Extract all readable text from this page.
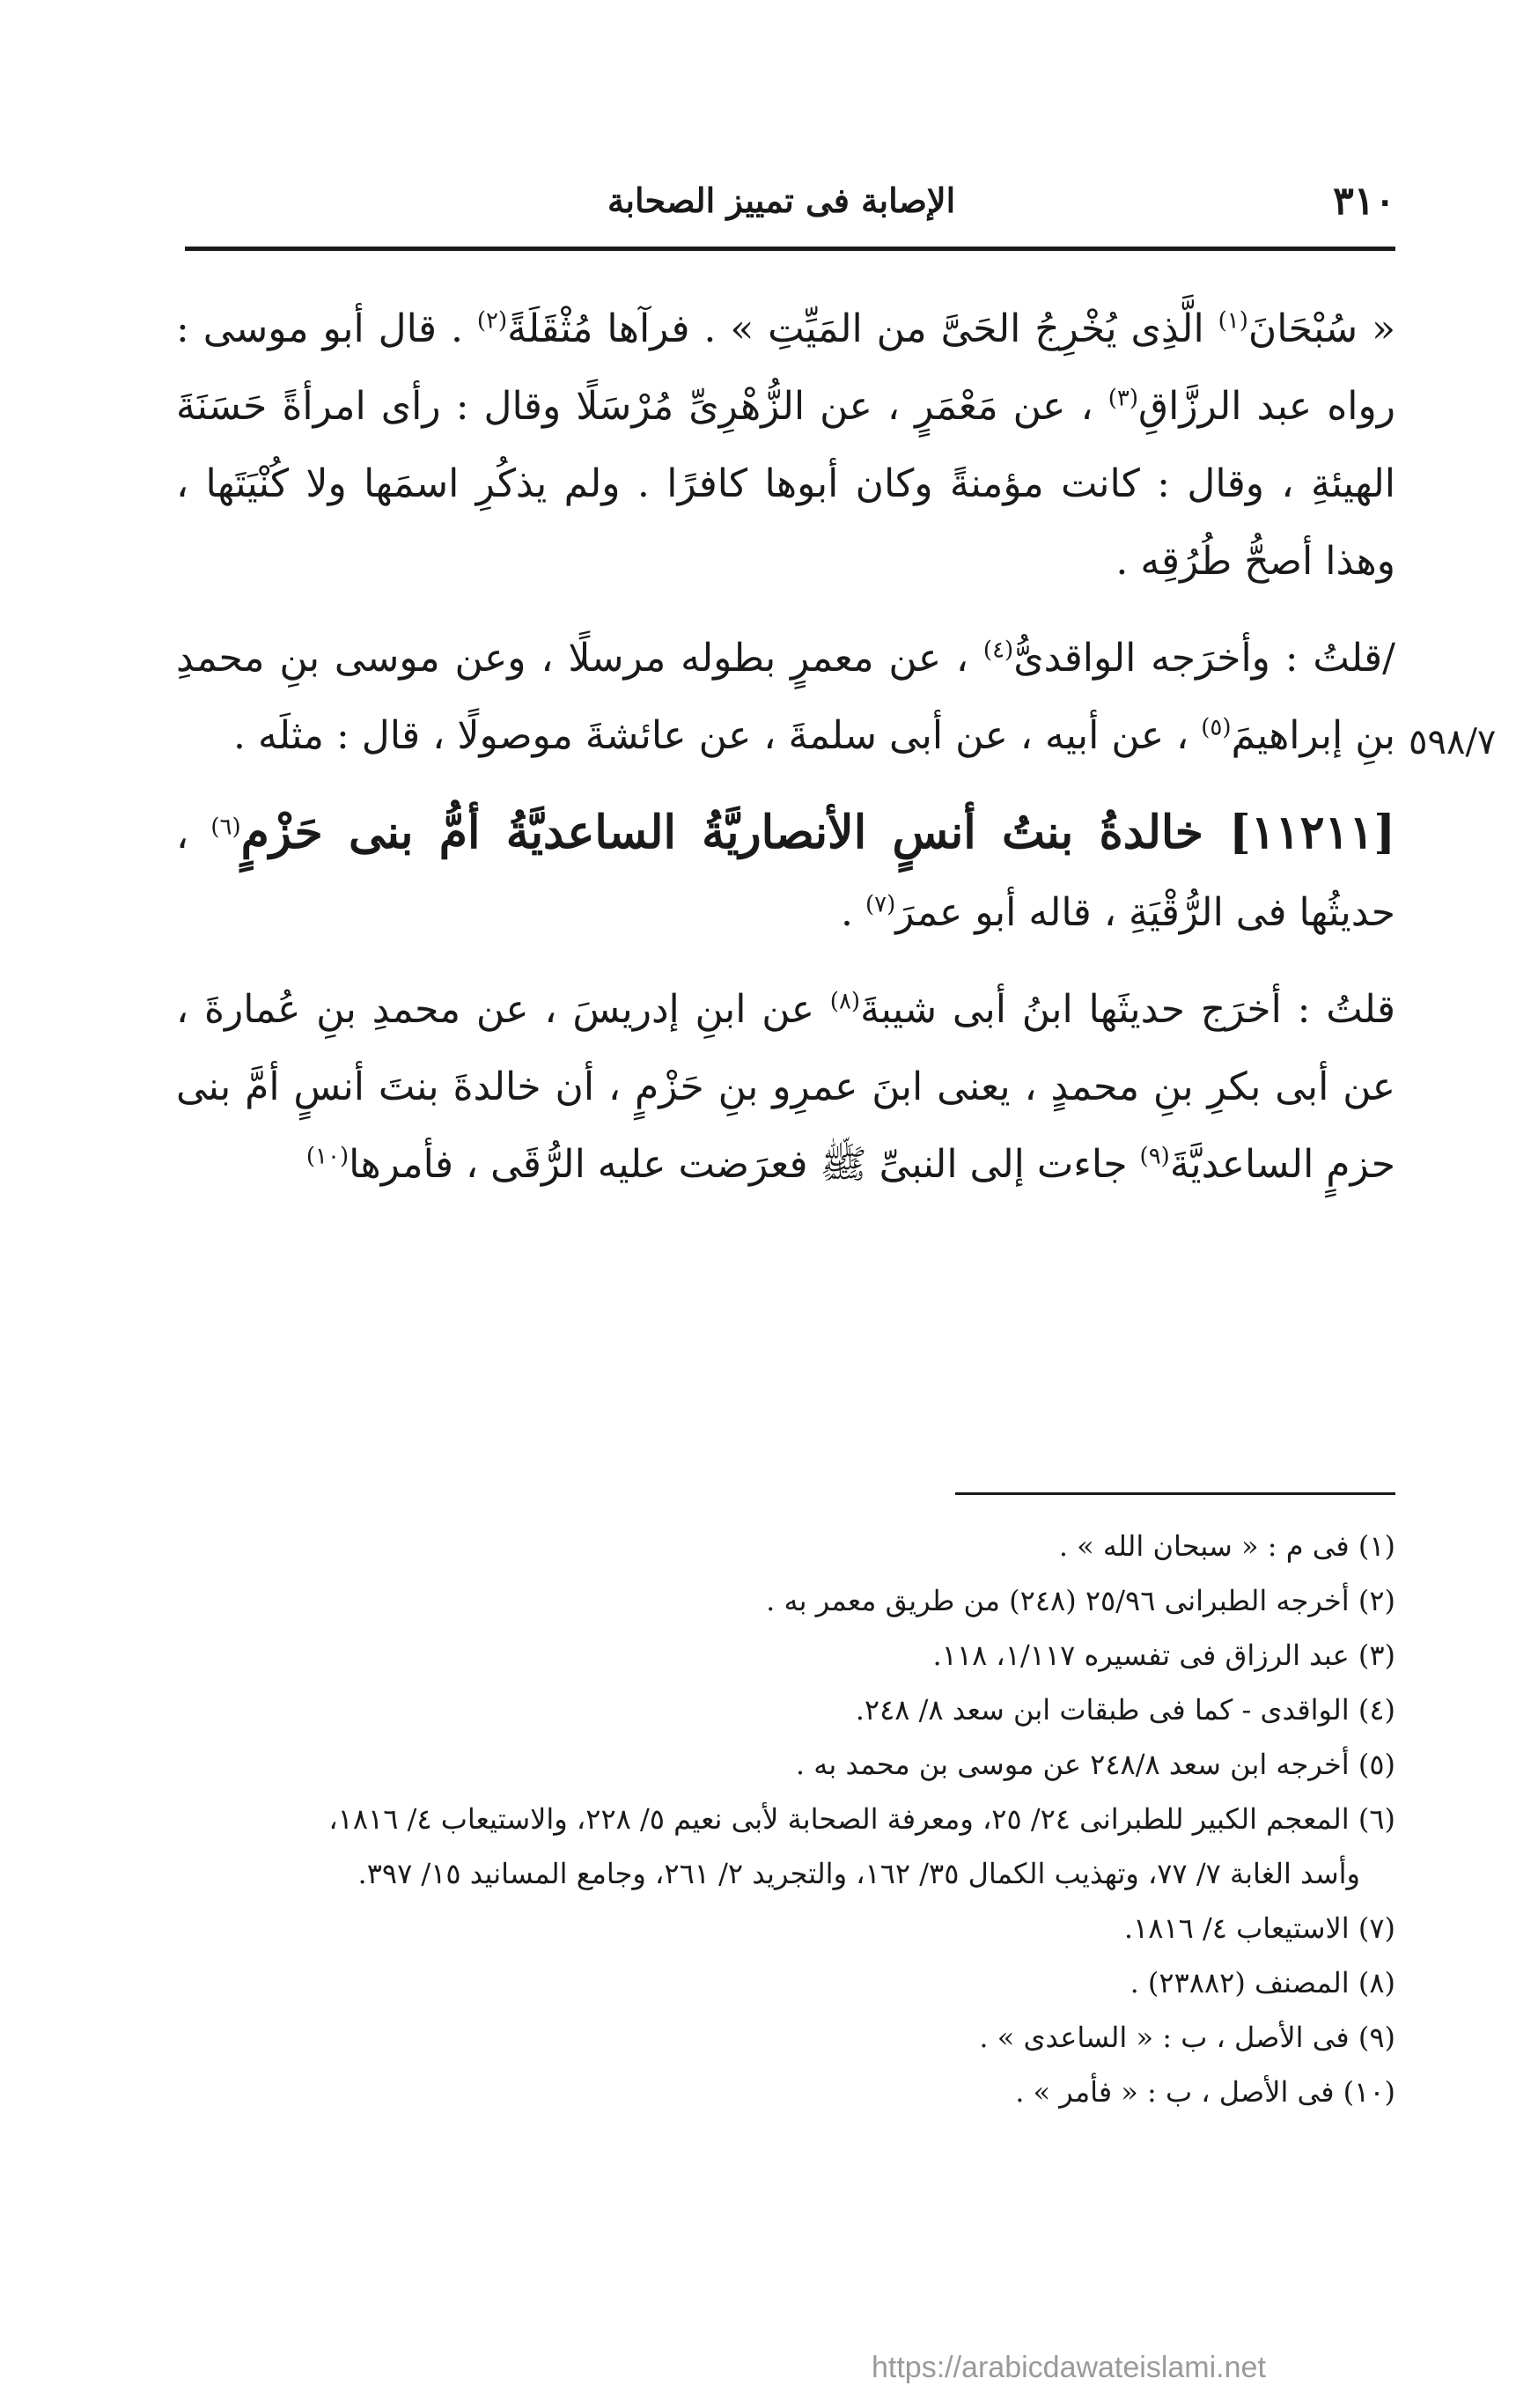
الإصابة فى تمييز الصحابة	٣١٠
٥٩٨/٧

« سُبْحَانَ$^{(١)}$ الَّذِى يُخْرِجُ الحَىَّ من المَيِّتِ » . فرآها مُثْقَلَةً$^{(٢)}$ . قال أبو موسى : رواه عبد الرزَّاقِ$^{(٣)}$ ، عن مَعْمَرٍ ، عن الزُّهْرِىِّ مُرْسَلًا وقال : رأى امرأةً حَسَنَةَ الهيئةِ ، وقال : كانت مؤمنةً وكان أبوها كافرًا . ولم يذكُرِ اسمَها ولا كُنْيَتَها ، وهذا أصحُّ طُرُقِه .

/قلتُ : وأخرَجه الواقدىُّ$^{(٤)}$ ، عن معمرٍ بطوله مرسلًا ، وعن موسى بنِ محمدِ بنِ إبراهيمَ$^{(٥)}$ ، عن أبيه ، عن أبى سلمةَ ، عن عائشةَ موصولًا ، قال : مثلَه .

[١١٢١١] خالدةُ بنتُ أنسٍ الأنصاريَّةُ الساعديَّةُ أمُّ بنى حَزْمٍ$^{(٦)}$ ، حديثُها فى الرُّقْيَةِ ، قاله أبو عمرَ$^{(٧)}$ .

قلتُ : أخرَج حديثَها ابنُ أبى شيبةَ$^{(٨)}$ عن ابنِ إدريسَ ، عن محمدِ بنِ عُمارةَ ، عن أبى بكرِ بنِ محمدٍ ، يعنى ابنَ عمرِو بنِ حَزْمٍ ، أن خالدةَ بنتَ أنسٍ أمَّ بنى حزمٍ الساعديَّةَ$^{(٩)}$ جاءت إلى النبىِّ ﷺ فعرَضت عليه الرُّقَى ، فأمرها$^{(١٠)}$

(١) فى م : « سبحان الله » .

(٢) أخرجه الطبرانى ٢٥/٩٦ (٢٤٨) من طريق معمر به .

(٣) عبد الرزاق فى تفسيره ١/١١٧، ١١٨.

(٤) الواقدى - كما فى طبقات ابن سعد ٨/ ٢٤٨.

(٥) أخرجه ابن سعد ٢٤٨/٨ عن موسى بن محمد به .

(٦) المعجم الكبير للطبرانى ٢٤/ ٢٥، ومعرفة الصحابة لأبى نعيم ٥/ ٢٢٨، والاستيعاب ٤/ ١٨١٦،

وأسد الغابة ٧/ ٧٧، وتهذيب الكمال ٣٥/ ١٦٢، والتجريد ٢/ ٢٦١، وجامع المسانيد ١٥/ ٣٩٧.

(٧) الاستيعاب ٤/ ١٨١٦.

(٨) المصنف (٢٣٨٨٢) .

(٩) فى الأصل ، ب : « الساعدى » .

(١٠) فى الأصل ، ب : « فأمر » .

https://arabicdawateislami.net
